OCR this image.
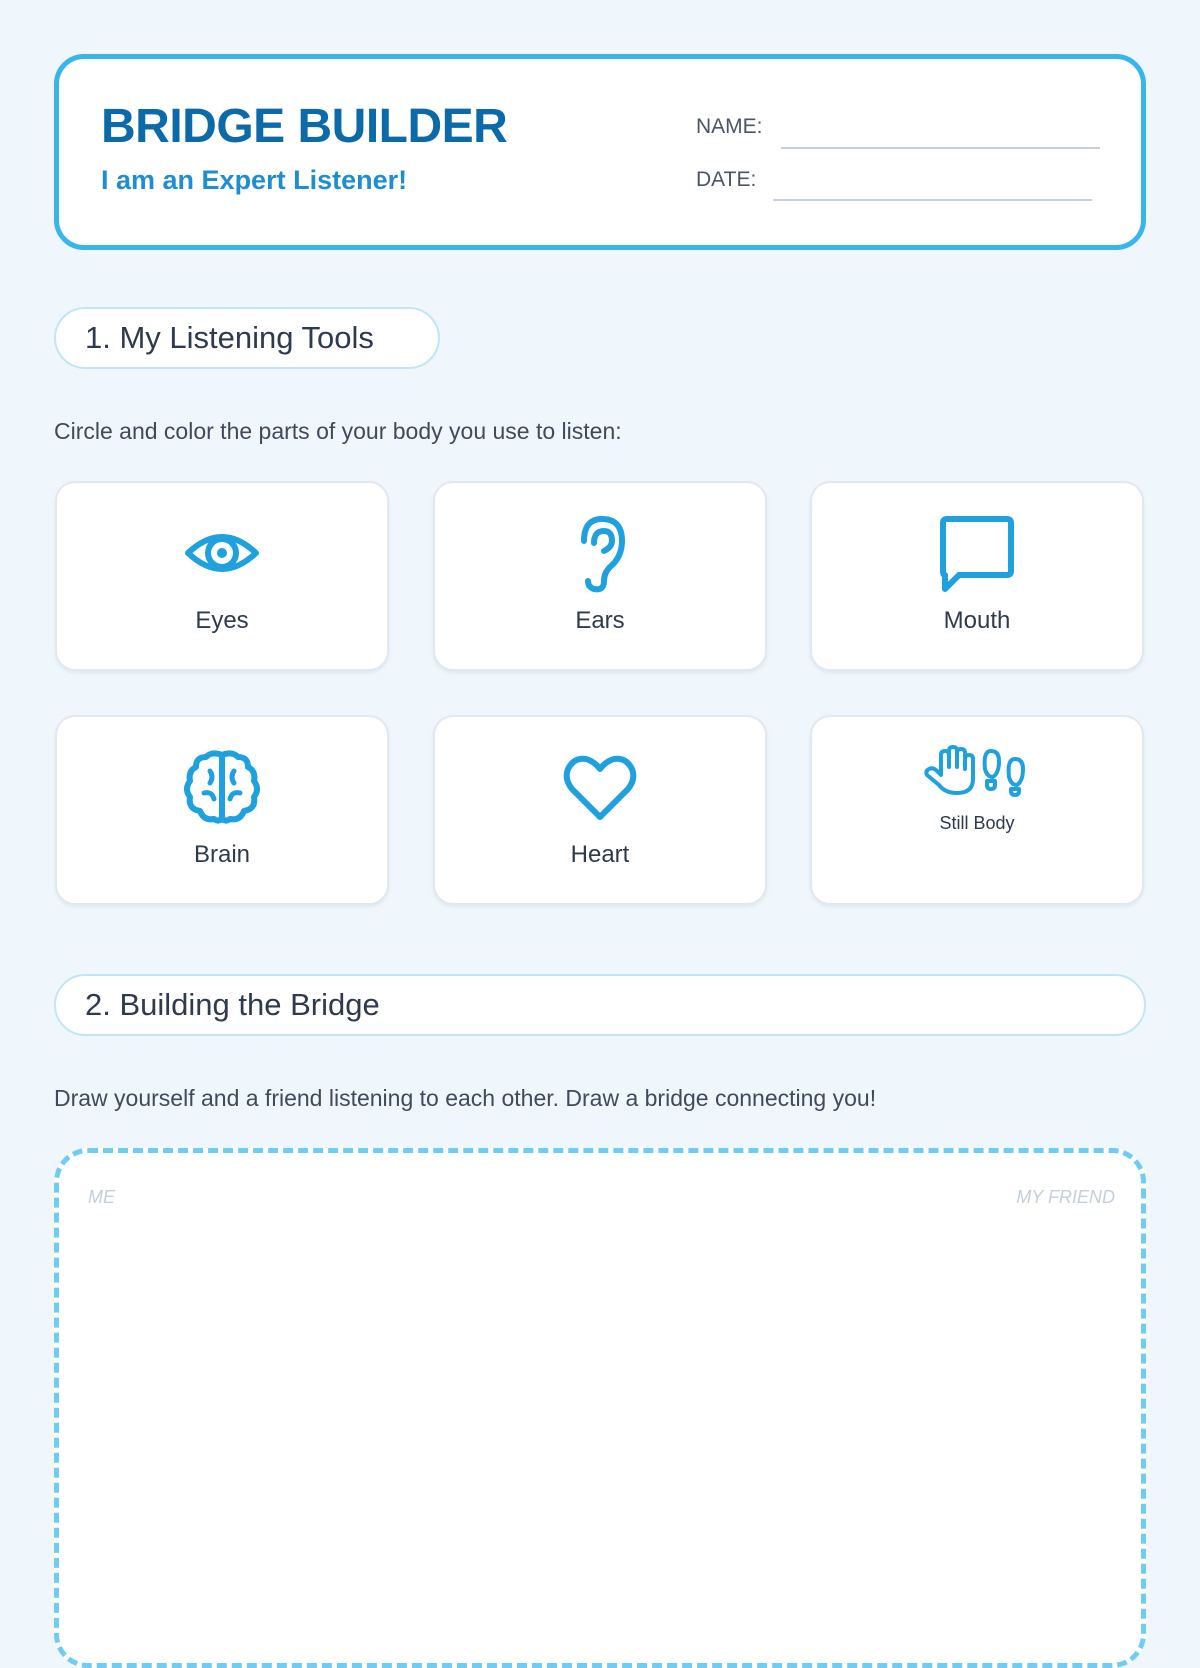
BRIDGE BUILDER
I am an Expert Listener!
NAME:
DATE:
1. My Listening Tools
Circle and color the parts of your body you use to listen:
Eyes	Ears	Mouth
Brain	Heart
Still Body
2. Building the Bridge
Draw yourself and a friend listening to each other. Draw a bridge connecting you!
ME	MY FRIEND
